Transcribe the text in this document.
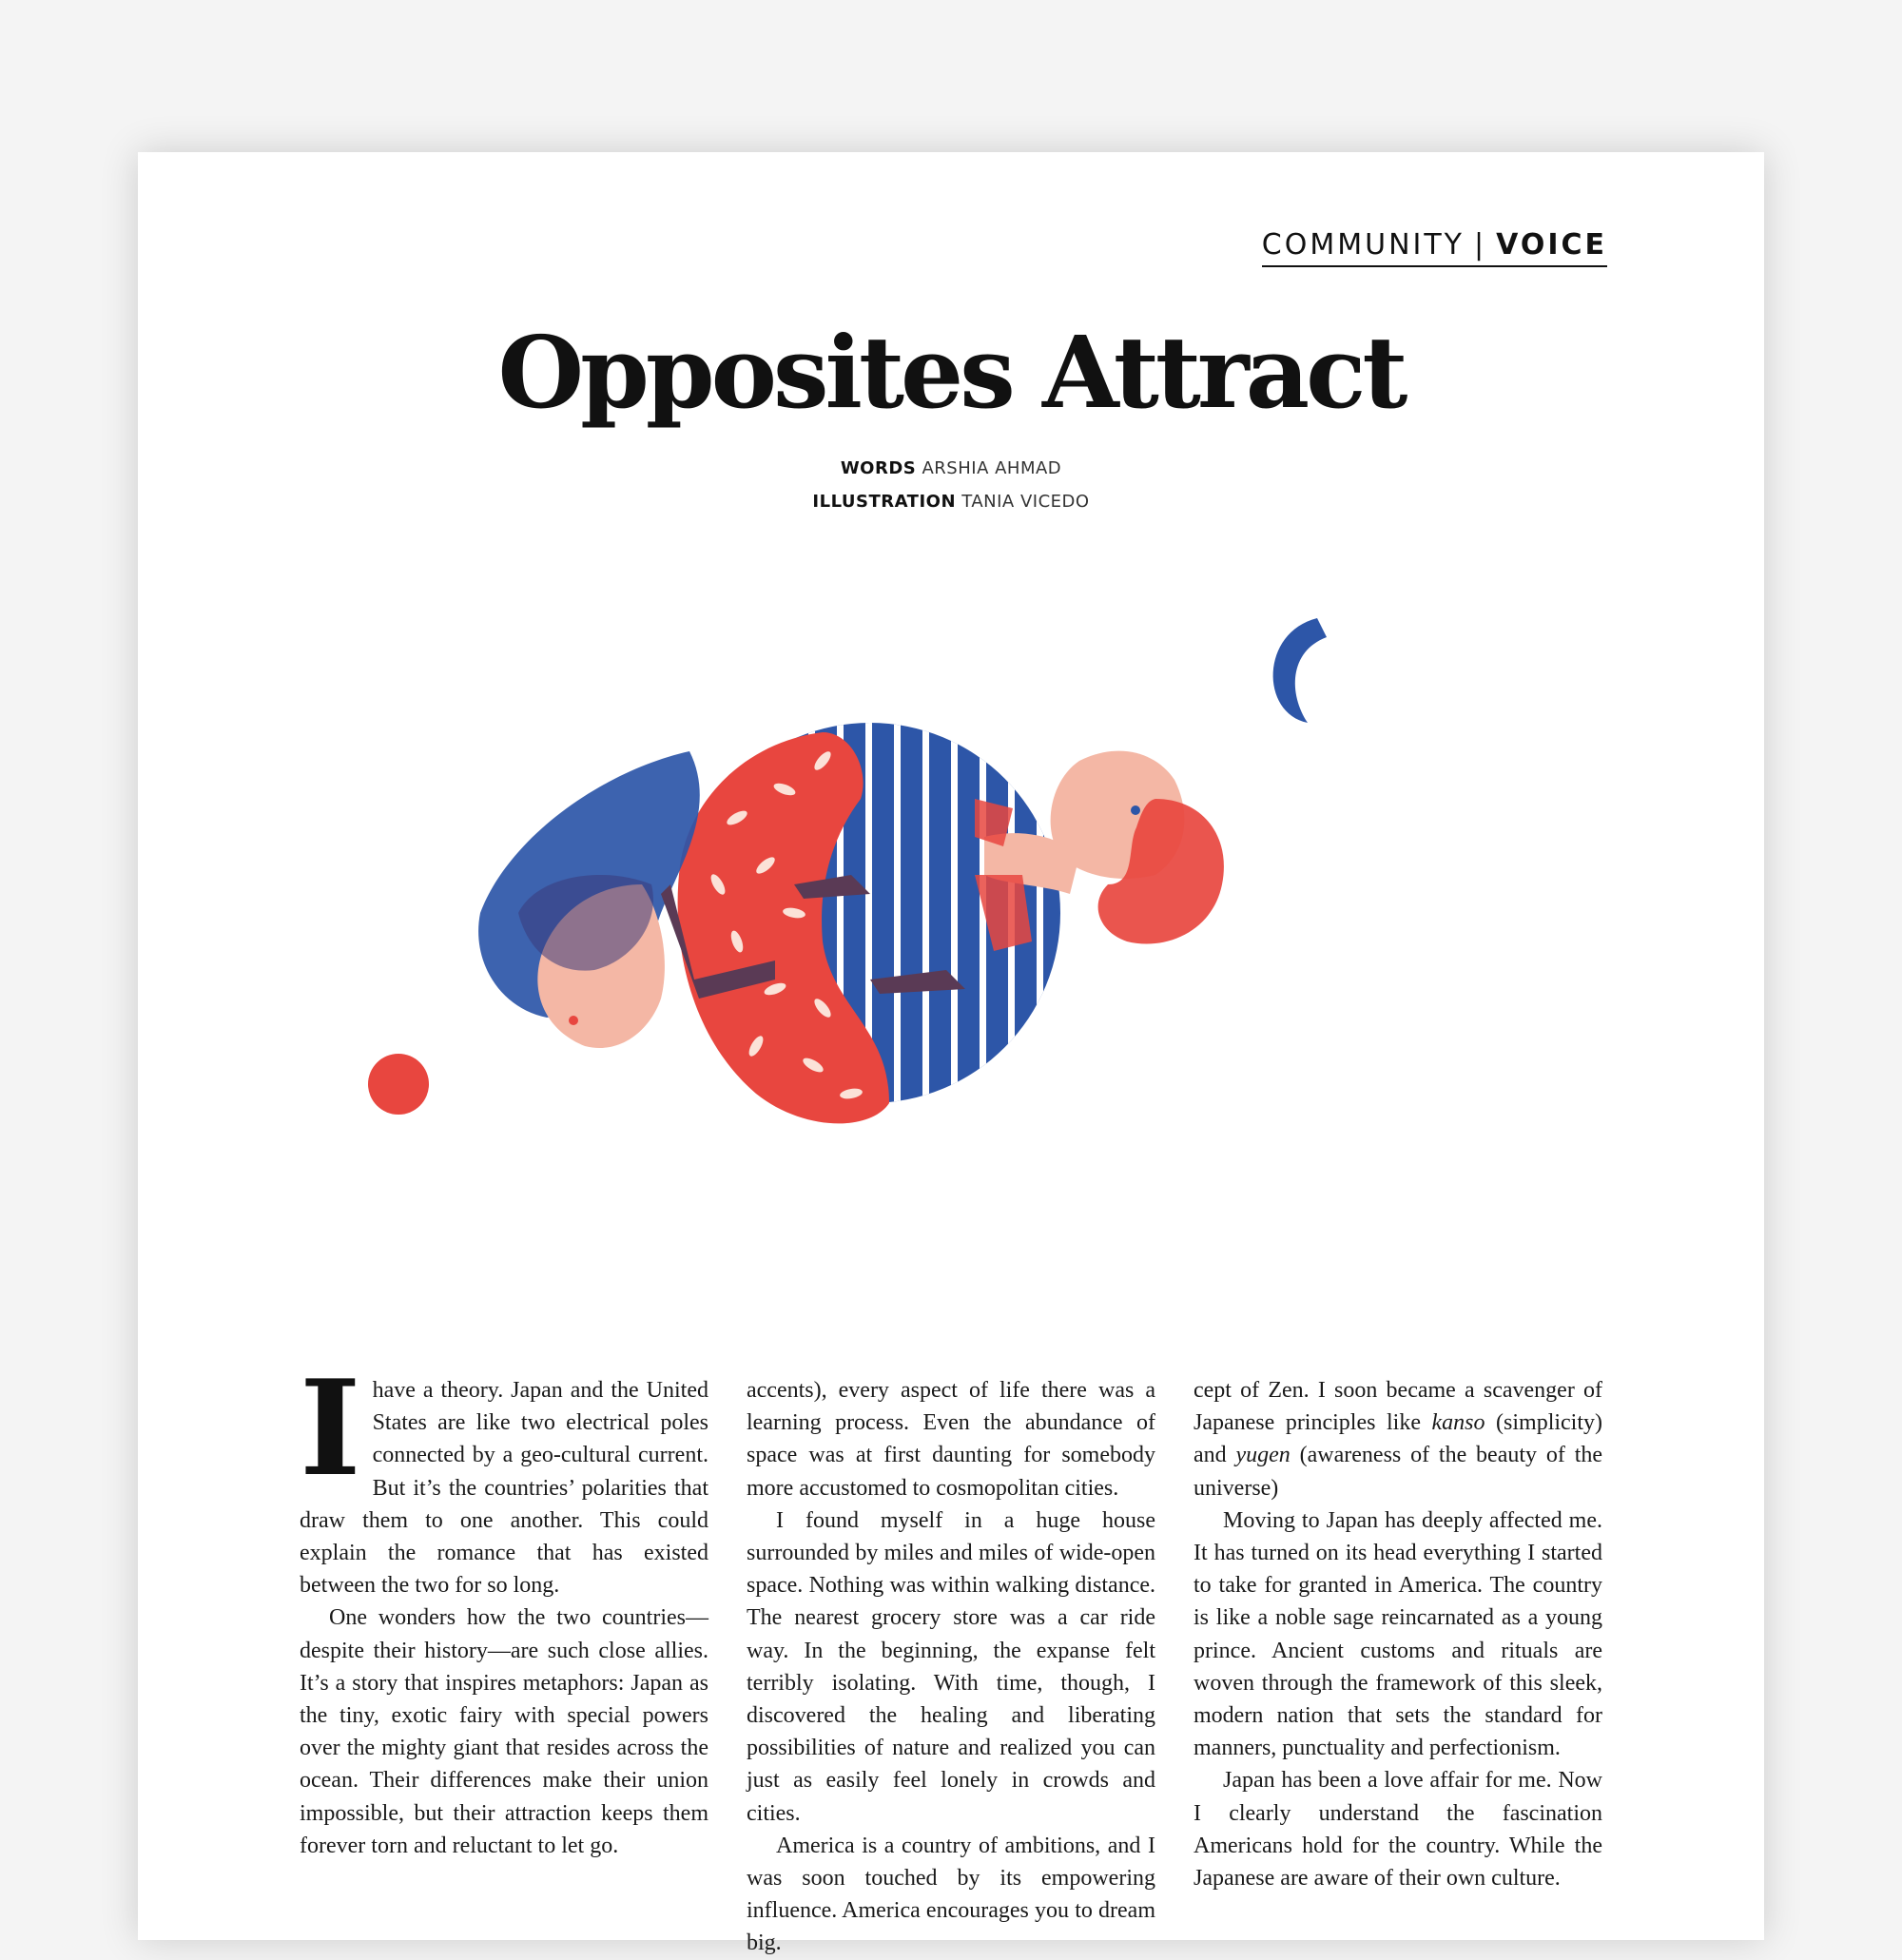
COMMUNITY | VOICE
Opposites Attract
WORDS ARSHIA AHMAD
ILLUSTRATION TANIA VICEDO

Ihave a theory. Japan and the United States are like two electrical poles connected by a geo-cultural current. But it’s the countries’ polarities that draw them to one another. This could explain the romance that has existed between the two for so long.

One wonders how the two countries—despite their history—are such close allies. It’s a story that inspires metaphors: Japan as the tiny, exotic fairy with special powers over the mighty giant that resides across the ocean. Their differences make their union impossible, but their attraction keeps them forever torn and reluctant to let go.

accents), every aspect of life there was a learning process. Even the abundance of space was at first daunting for somebody more accustomed to cosmopolitan cities.

I found myself in a huge house surrounded by miles and miles of wide-open space. Nothing was within walking distance. The nearest grocery store was a car ride way. In the beginning, the expanse felt terribly isolating. With time, though, I discovered the healing and liberating possibilities of nature and realized you can just as easily feel lonely in crowds and cities.

America is a country of ambitions, and I was soon touched by its empowering influence. America encourages you to dream big.

cept of Zen. I soon became a scavenger of Japanese principles like kanso (simplicity) and yugen (awareness of the beauty of the universe)

Moving to Japan has deeply affected me. It has turned on its head everything I started to take for granted in America. The country is like a noble sage reincarnated as a young prince. Ancient customs and rituals are woven through the framework of this sleek, modern nation that sets the standard for manners, punctuality and perfectionism.

Japan has been a love affair for me. Now I clearly understand the fascination Americans hold for the country. While the Japanese are aware of their own culture.
